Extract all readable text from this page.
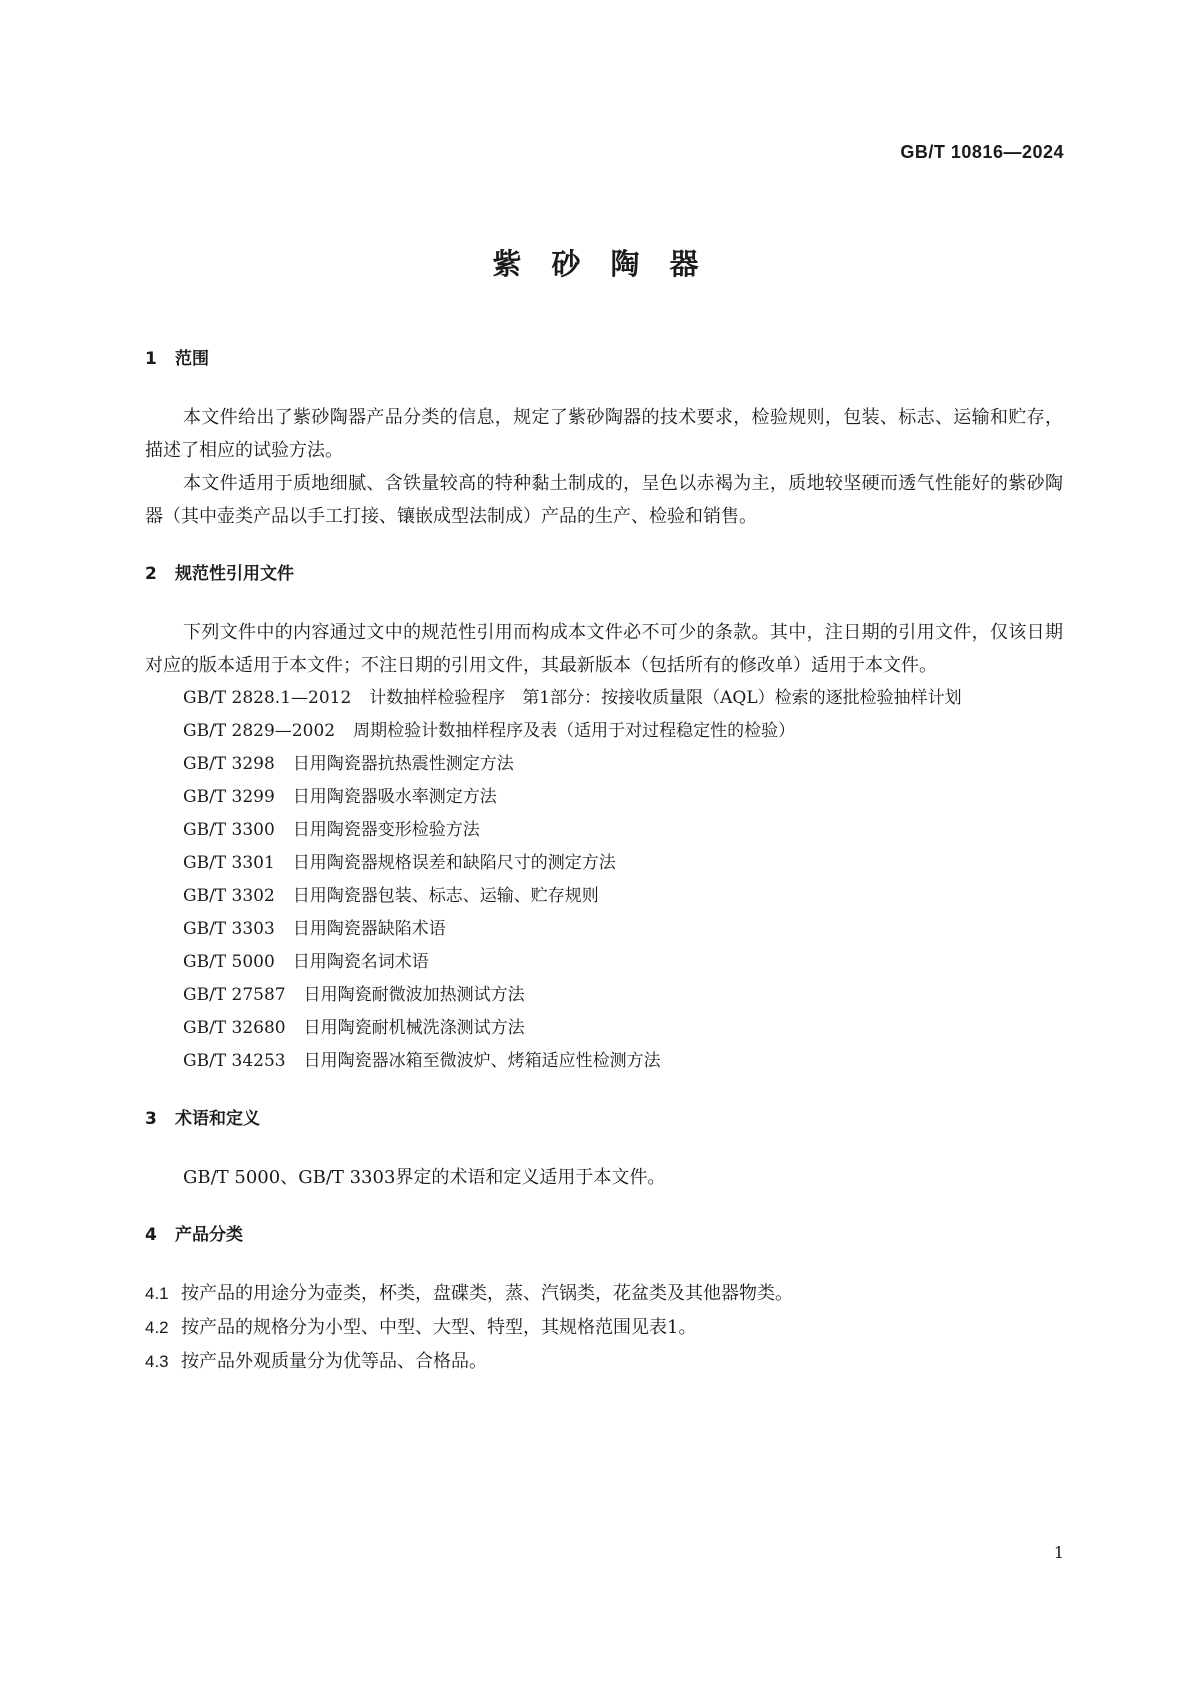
GB/T 10816—2024
紫砂陶器
1 范围

本文件给出了紫砂陶器产品分类的信息，规定了紫砂陶器的技术要求，检验规则，包装、标志、运输和贮存，描述了相应的试验方法。

本文件适用于质地细腻、含铁量较高的特种黏土制成的，呈色以赤褐为主，质地较坚硬而透气性能好的紫砂陶器（其中壶类产品以手工打接、镶嵌成型法制成）产品的生产、检验和销售。

2 规范性引用文件

下列文件中的内容通过文中的规范性引用而构成本文件必不可少的条款。其中，注日期的引用文件，仅该日期对应的版本适用于本文件；不注日期的引用文件，其最新版本（包括所有的修改单）适用于本文件。

GB/T 2828.1—2012 计数抽样检验程序　第1部分：按接收质量限（AQL）检索的逐批检验抽样计划

GB/T 2829—2002 周期检验计数抽样程序及表（适用于对过程稳定性的检验）

GB/T 3298 日用陶瓷器抗热震性测定方法

GB/T 3299 日用陶瓷器吸水率测定方法

GB/T 3300 日用陶瓷器变形检验方法

GB/T 3301 日用陶瓷器规格误差和缺陷尺寸的测定方法

GB/T 3302 日用陶瓷器包装、标志、运输、贮存规则

GB/T 3303 日用陶瓷器缺陷术语

GB/T 5000 日用陶瓷名词术语

GB/T 27587 日用陶瓷耐微波加热测试方法

GB/T 32680 日用陶瓷耐机械洗涤测试方法

GB/T 34253 日用陶瓷器冰箱至微波炉、烤箱适应性检测方法

3 术语和定义

GB/T 5000、GB/T 3303界定的术语和定义适用于本文件。

4 产品分类

4.1 按产品的用途分为壶类，杯类，盘碟类，蒸、汽锅类，花盆类及其他器物类。

4.2 按产品的规格分为小型、中型、大型、特型，其规格范围见表1。

4.3 按产品外观质量分为优等品、合格品。

1
